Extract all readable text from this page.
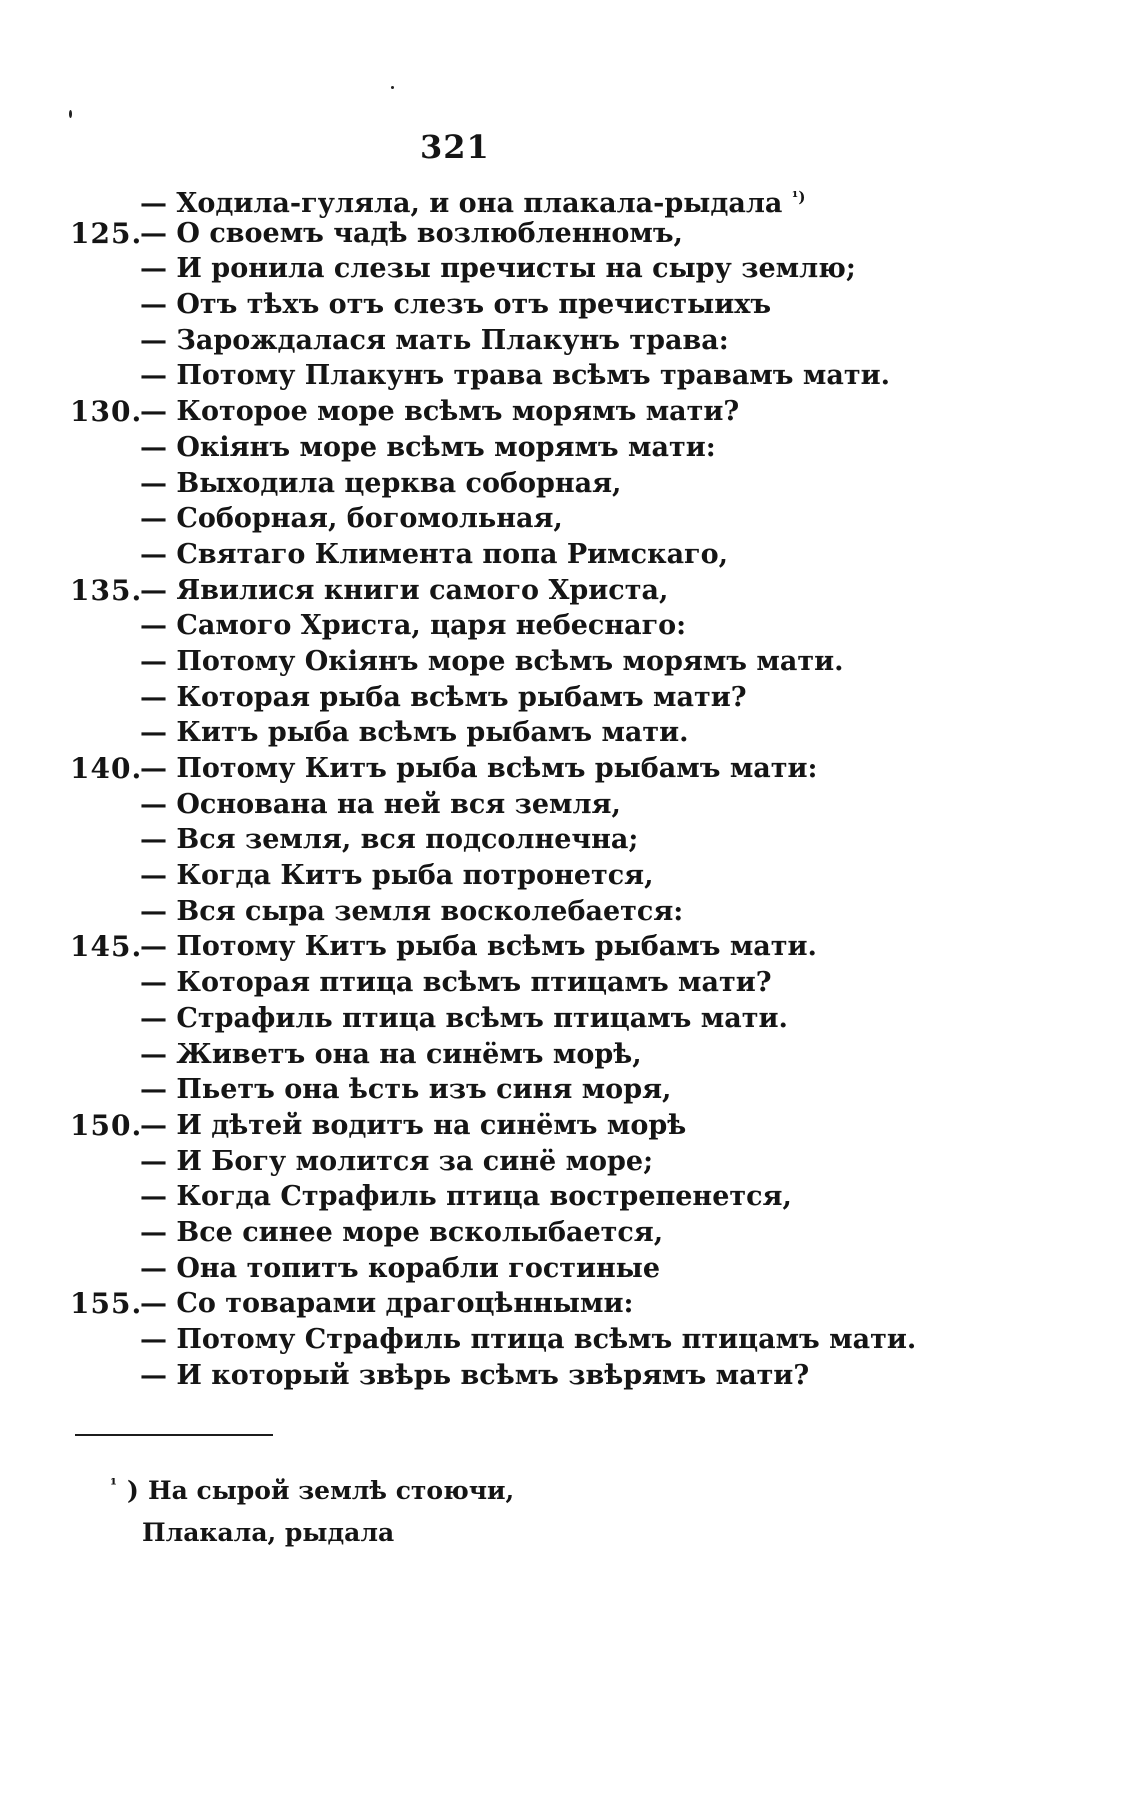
321
— Ходила-гуляла, и она плакала-рыдала $^{^1)}$
125.
— О своемъ чадѣ возлюбленномъ,
— И ронила слезы пречисты на сыру землю;
— Отъ тѣхъ отъ слезъ отъ пречистыихъ
— Зарождалася мать Плакунъ трава:
— Потому Плакунъ трава всѣмъ травамъ мати.
130.
— Которое море всѣмъ морямъ мати?
— Окіянъ море всѣмъ морямъ мати:
— Выходила церква соборная,
— Соборная, богомольная,
— Святаго Климента попа Римскаго,
135.
— Явилися книги самого Христа,
— Самого Христа, царя небеснаго:
— Потому Окіянъ море всѣмъ морямъ мати.
— Которая рыба всѣмъ рыбамъ мати?
— Китъ рыба всѣмъ рыбамъ мати.
140.
— Потому Китъ рыба всѣмъ рыбамъ мати:
— Основана на ней вся земля,
— Вся земля, вся подсолнечна;
— Когда Китъ рыба потронется,
— Вся сыра земля восколебается:
145.
— Потому Китъ рыба всѣмъ рыбамъ мати.
— Которая птица всѣмъ птицамъ мати?
— Страфиль птица всѣмъ птицамъ мати.
— Живетъ она на синёмъ морѣ,
— Пьетъ она ѣсть изъ синя моря,
150.
— И дѣтей водитъ на синёмъ морѣ
— И Богу молится за синё море;
— Когда Страфиль птица вострепенется,
— Все синее море всколыбается,
— Она топитъ корабли гостиные
155.
— Со товарами драгоцѣнными:
— Потому Страфиль птица всѣмъ птицамъ мати.
— И который звѣрь всѣмъ звѣрямъ мати?
¹ ) На сырой землѣ стоючи,
Плакала, рыдала
